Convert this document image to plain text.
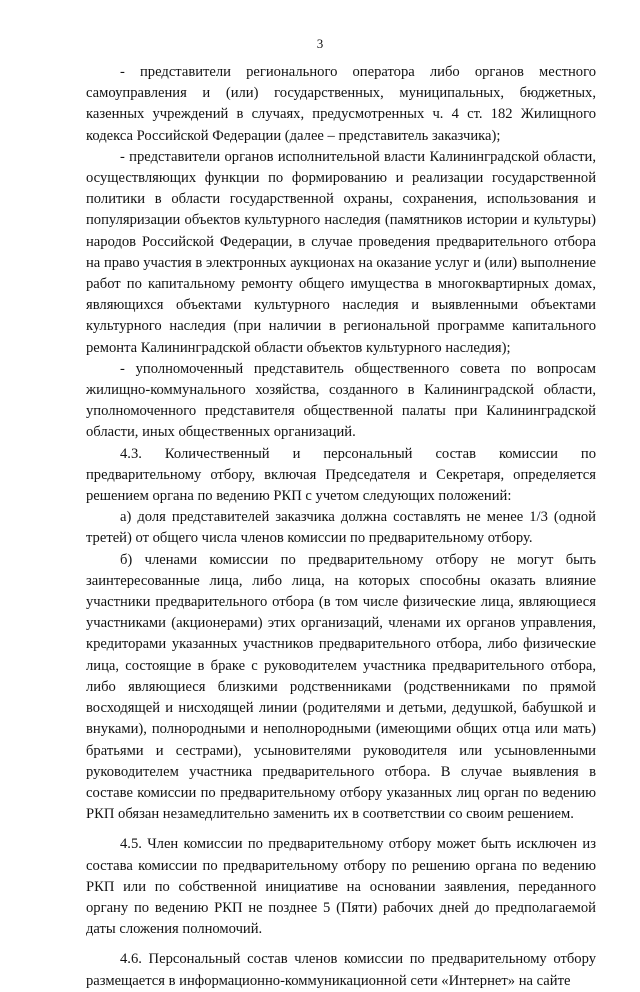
3

- представители регионального оператора либо органов местного самоуправления и (или) государственных, муниципальных, бюджетных, казенных учреждений в случаях, предусмотренных ч. 4 ст. 182 Жилищного кодекса Российской Федерации (далее – представитель заказчика);

- представители органов исполнительной власти Калининградской области, осуществляющих функции по формированию и реализации государственной политики в области государственной охраны, сохранения, использования и популяризации объектов культурного наследия (памятников истории и культуры) народов Российской Федерации, в случае проведения предварительного отбора на право участия в электронных аукционах на оказание услуг и (или) выполнение работ по капитальному ремонту общего имущества в многоквартирных домах, являющихся объектами культурного наследия и выявленными объектами культурного наследия (при наличии в региональной программе капитального ремонта Калининградской области объектов культурного наследия);

- уполномоченный представитель общественного совета по вопросам жилищно-коммунального хозяйства, созданного в Калининградской области, уполномоченного представителя общественной палаты при Калининградской области, иных общественных организаций.

4.3. Количественный и персональный состав комиссии по предварительному отбору, включая Председателя и Секретаря, определяется решением органа по ведению РКП с учетом следующих положений:

а) доля представителей заказчика должна составлять не менее 1/3 (одной третей) от общего числа членов комиссии по предварительному отбору.

б) членами комиссии по предварительному отбору не могут быть заинтересованные лица, либо лица, на которых способны оказать влияние участники предварительного отбора (в том числе физические лица, являющиеся участниками (акционерами) этих организаций, членами их органов управления, кредиторами указанных участников предварительного отбора, либо физические лица, состоящие в браке с руководителем участника предварительного отбора, либо являющиеся близкими родственниками (родственниками по прямой восходящей и нисходящей линии (родителями и детьми, дедушкой, бабушкой и внуками), полнородными и неполнородными (имеющими общих отца или мать) братьями и сестрами), усыновителями руководителя или усыновленными руководителем участника предварительного отбора. В случае выявления в составе комиссии по предварительному отбору указанных лиц орган по ведению РКП обязан незамедлительно заменить их в соответствии со своим решением.

4.5. Член комиссии по предварительному отбору может быть исключен из состава комиссии по предварительному отбору по решению органа по ведению РКП или по собственной инициативе на основании заявления, переданного органу по ведению РКП не позднее 5 (Пяти) рабочих дней до предполагаемой даты сложения полномочий.

4.6. Персональный состав членов комиссии по предварительному отбору размещается в информационно-коммуникационной сети «Интернет» на сайте
